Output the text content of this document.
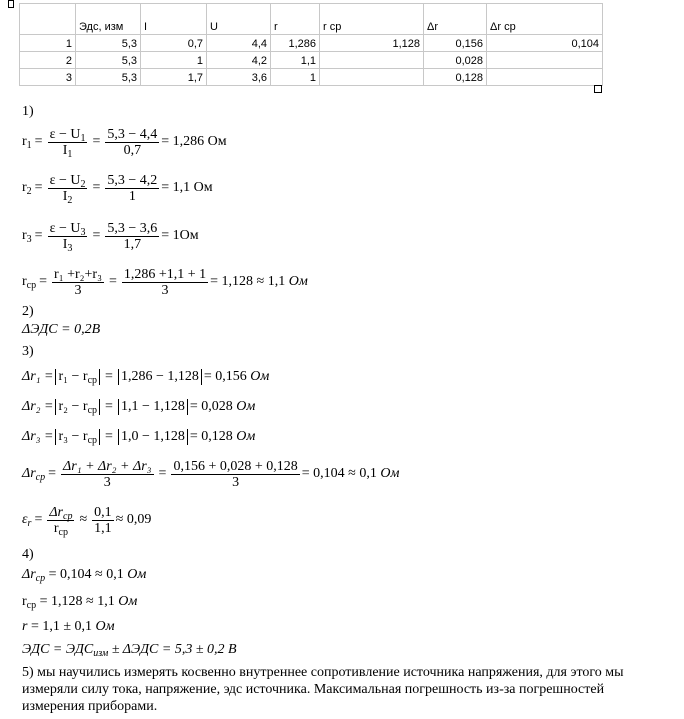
	Эдс, изм	I	U	r	r ср	Δr	Δr ср
1	5,3	0,7	4,4	1,286	1,128	0,156	0,104
2	5,3	1	4,2	1,1		0,028	
3	5,3	1,7	3,6	1		0,128	
1)
$r_1 = \frac{\varepsilon - U_1}{I_1} = \frac{5,3 - 4,4}{0,7} = 1,286$ Ом
$r_2 = \frac{\varepsilon - U_2}{I_2} = \frac{5,3 - 4,2}{1} = 1,1$ Ом
$r_3 = \frac{\varepsilon - U_3}{I_3} = \frac{5,3 - 3,6}{1,7} = 1Ом$
$r_{ср} = \frac{\text{r₁ +r₂+r₃}}{3} = \frac{1,286 +1,1 + 1}{3} = 1,128 \approx 1,1$
Ом
2)
ΔЭДС = 0,2В
3)
$\Delta r_1 = r_1 - r_{ср} = 1,286 - 1,128 = 0,156$
Ом
$\Delta r_2 = r_2 - r_{ср} = 1,1 - 1,128 = 0,028$
Ом
$\Delta r_3 = r_3 - r_{ср} = 1,0 - 1,128 = 0,128$
Ом
$\Delta r_{ср} = \frac{\text{Δr₁ + Δr₂ + Δr₃}}{3} = \frac{0,156 + 0,028 + 0,128}{3} = 0,104 \approx 0,1$
Ом
$\varepsilon_r = \frac{\Delta r_{ср}}{r_{ср}} \approx \frac{0,1}{1,1} \approx 0,09$
4)
$\Delta r_{ср}$
= 0,104 ≈ 0,1
Ом
$r_{ср}$
= 1,128 ≈ 1,1
Ом
r
= 1,1 ± 0,1
Ом
ЭДС = $ЭДС_{изм}$
± ΔЭДС = 5,3 ± 0,2 В
5) мы научились измерять косвенно внутреннее сопротивление источника напряжения, для этого мы измеряли силу тока, напряжение, эдс источника. Максимальная погрешность из-за погрешностей измерения приборами.
